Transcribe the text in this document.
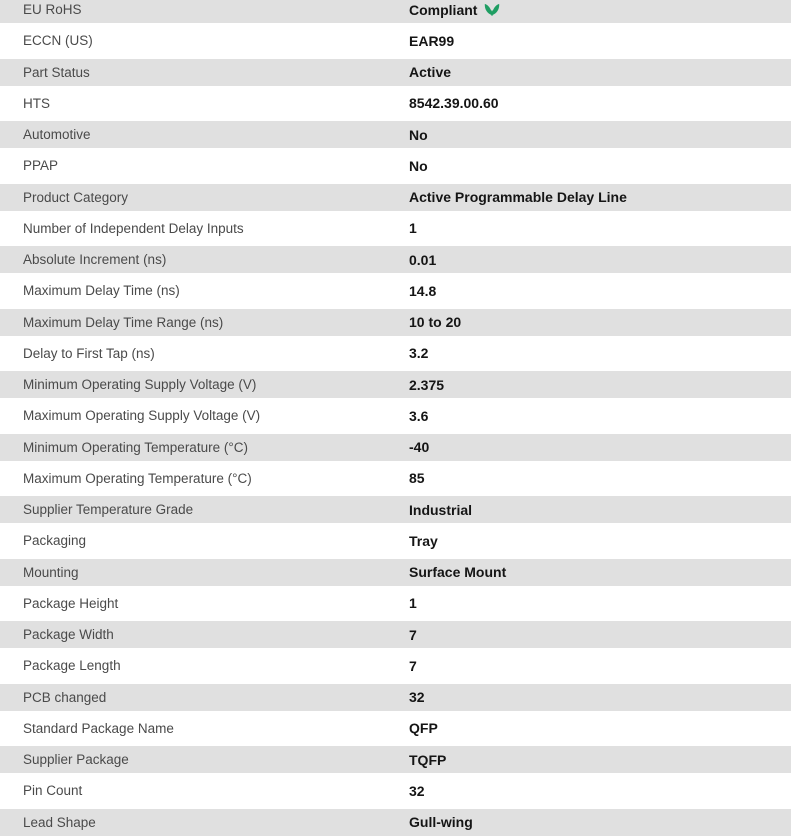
EU RoHS	Compliant
ECCN (US)	EAR99
Part Status	Active
HTS	8542.39.00.60
Automotive	No
PPAP	No
Product Category	Active Programmable Delay Line
Number of Independent Delay Inputs	1
Absolute Increment (ns)	0.01
Maximum Delay Time (ns)	14.8
Maximum Delay Time Range (ns)	10 to 20
Delay to First Tap (ns)	3.2
Minimum Operating Supply Voltage (V)	2.375
Maximum Operating Supply Voltage (V)	3.6
Minimum Operating Temperature (°C)	-40
Maximum Operating Temperature (°C)	85
Supplier Temperature Grade	Industrial
Packaging	Tray
Mounting	Surface Mount
Package Height	1
Package Width	7
Package Length	7
PCB changed	32
Standard Package Name	QFP
Supplier Package	TQFP
Pin Count	32
Lead Shape	Gull-wing
